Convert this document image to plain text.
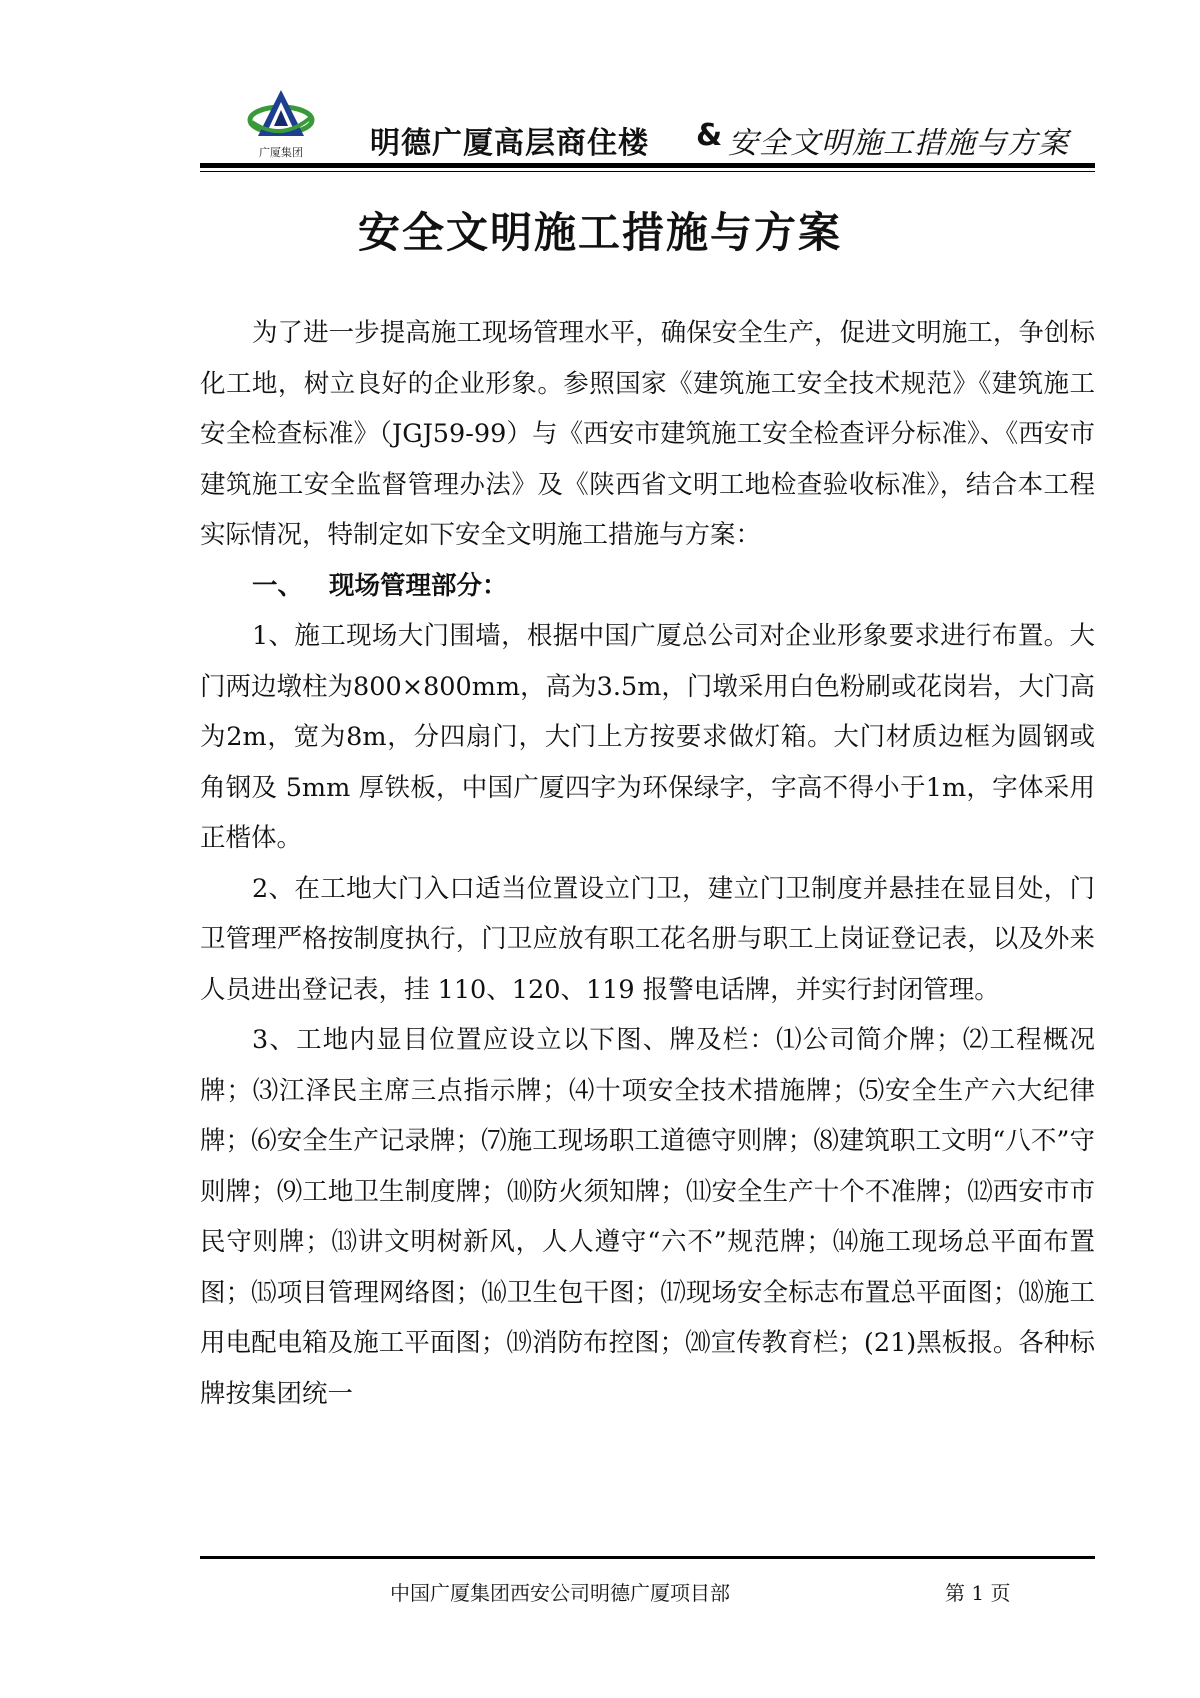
广厦集团	明德广厦高层商住楼 & 安全文明施工措施与方案
安全文明施工措施与方案

为了进一步提高施工现场管理水平，确保安全生产，促进文明施工，争创标化工地，树立良好的企业形象。参照国家《建筑施工安全技术规范》《建筑施工安全检查标准》（JGJ59-99）与《西安市建筑施工安全检查评分标准》、《西安市建筑施工安全监督管理办法》及《陕西省文明工地检查验收标准》，结合本工程实际情况，特制定如下安全文明施工措施与方案：

一、 现场管理部分：

1、施工现场大门围墙，根据中国广厦总公司对企业形象要求进行布置。大门两边墩柱为800×800mm，高为3.5m，门墩采用白色粉刷或花岗岩，大门高为2m，宽为8m，分四扇门，大门上方按要求做灯箱。大门材质边框为圆钢或角钢及 5mm 厚铁板，中国广厦四字为环保绿字，字高不得小于1m，字体采用正楷体。

2、在工地大门入口适当位置设立门卫，建立门卫制度并悬挂在显目处，门卫管理严格按制度执行，门卫应放有职工花名册与职工上岗证登记表，以及外来人员进出登记表，挂 110、120、119 报警电话牌，并实行封闭管理。

3、工地内显目位置应设立以下图、牌及栏：⑴公司简介牌；⑵工程概况牌；⑶江泽民主席三点指示牌；⑷十项安全技术措施牌；⑸安全生产六大纪律牌；⑹安全生产记录牌；⑺施工现场职工道德守则牌；⑻建筑职工文明“八不”守则牌；⑼工地卫生制度牌；⑽防火须知牌；⑾安全生产十个不准牌；⑿西安市市民守则牌；⒀讲文明树新风，人人遵守“六不”规范牌；⒁施工现场总平面布置图；⒂项目管理网络图；⒃卫生包干图；⒄现场安全标志布置总平面图；⒅施工用电配电箱及施工平面图；⒆消防布控图；⒇宣传教育栏；(21)黑板报。各种标牌按集团统一

中国广厦集团西安公司明德广厦项目部	第 1 页
